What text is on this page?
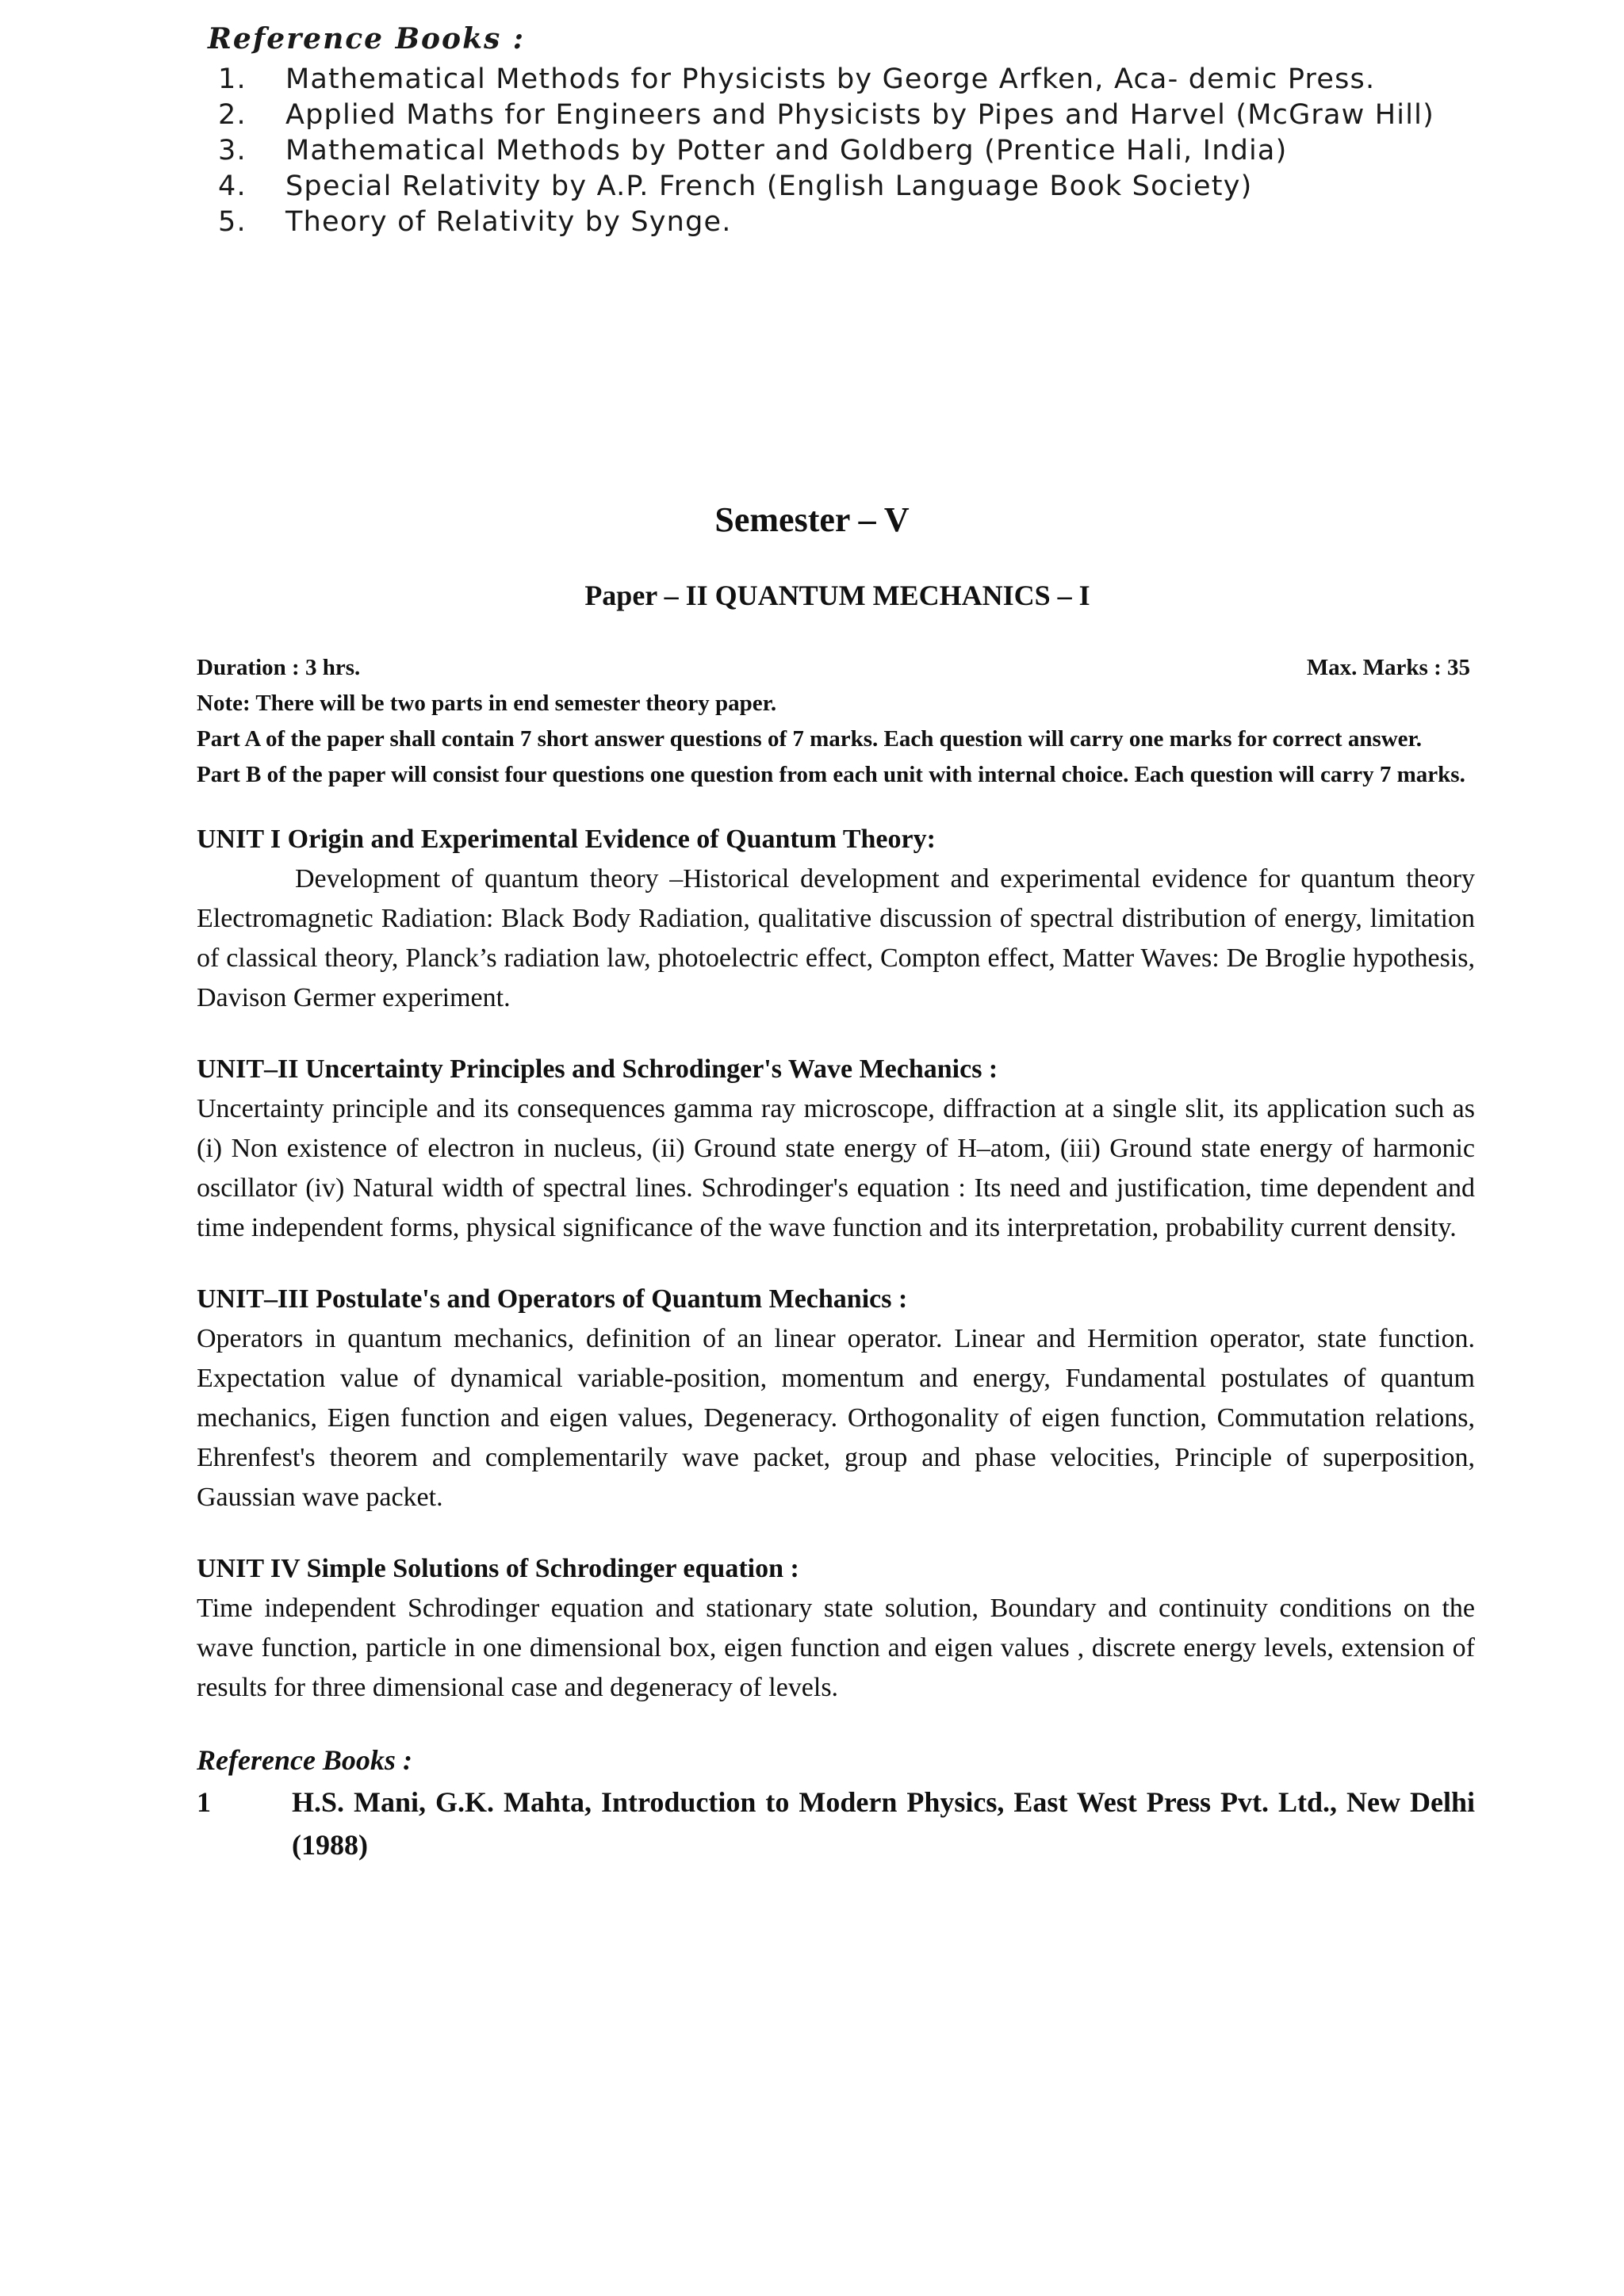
Reference Books :
1.	Mathematical Methods for Physicists by George Arfken, Aca- demic Press.
2.	Applied Maths for Engineers and Physicists by Pipes and Harvel (McGraw Hill)
3.	Mathematical Methods by Potter and Goldberg (Prentice Hali, India)
4.	Special Relativity by A.P. French (English Language Book Society)
5.	Theory of Relativity by Synge.
Semester – V
Paper – II QUANTUM MECHANICS – I
Duration : 3 hrs.	Max. Marks : 35

Note: There will be two parts in end semester theory paper.

Part A of the paper shall contain 7 short answer questions of 7 marks. Each question will carry one marks for correct answer.

Part B of the paper will consist four questions one question from each unit with internal choice. Each question will carry 7 marks.

UNIT I Origin and Experimental Evidence of Quantum Theory:

Development of quantum theory –Historical development and experimental evidence for quantum theory Electromagnetic Radiation: Black Body Radiation, qualitative discussion of spectral distribution of energy, limitation of classical theory, Planck’s radiation law, photoelectric effect, Compton effect, Matter Waves: De Broglie hypothesis, Davison Germer experiment.

UNIT–II Uncertainty Principles and Schrodinger's Wave Mechanics :

Uncertainty principle and its consequences gamma ray microscope, diffraction at a single slit, its application such as (i) Non existence of electron in nucleus, (ii) Ground state energy of H–atom, (iii) Ground state energy of harmonic oscillator (iv) Natural width of spectral lines. Schrodinger's equation : Its need and justification, time dependent and time independent forms, physical significance of the wave function and its interpretation, probability current density.

UNIT–III Postulate's and Operators of Quantum Mechanics :

Operators in quantum mechanics, definition of an linear operator. Linear and Hermition operator, state function. Expectation value of dynamical variable-position, momentum and energy, Fundamental postulates of quantum mechanics, Eigen function and eigen values, Degeneracy. Orthogonality of eigen function, Commutation relations, Ehrenfest's theorem and complementarily wave packet, group and phase velocities, Principle of superposition, Gaussian wave packet.

UNIT IV Simple Solutions of Schrodinger equation :

Time independent Schrodinger equation and stationary state solution, Boundary and continuity conditions on the wave function, particle in one dimensional box, eigen function and eigen values , discrete energy levels, extension of results for three dimensional case and degeneracy of levels.

Reference Books :

1	H.S. Mani, G.K. Mahta, Introduction to Modern Physics, East West Press Pvt. Ltd., New Delhi (1988)
